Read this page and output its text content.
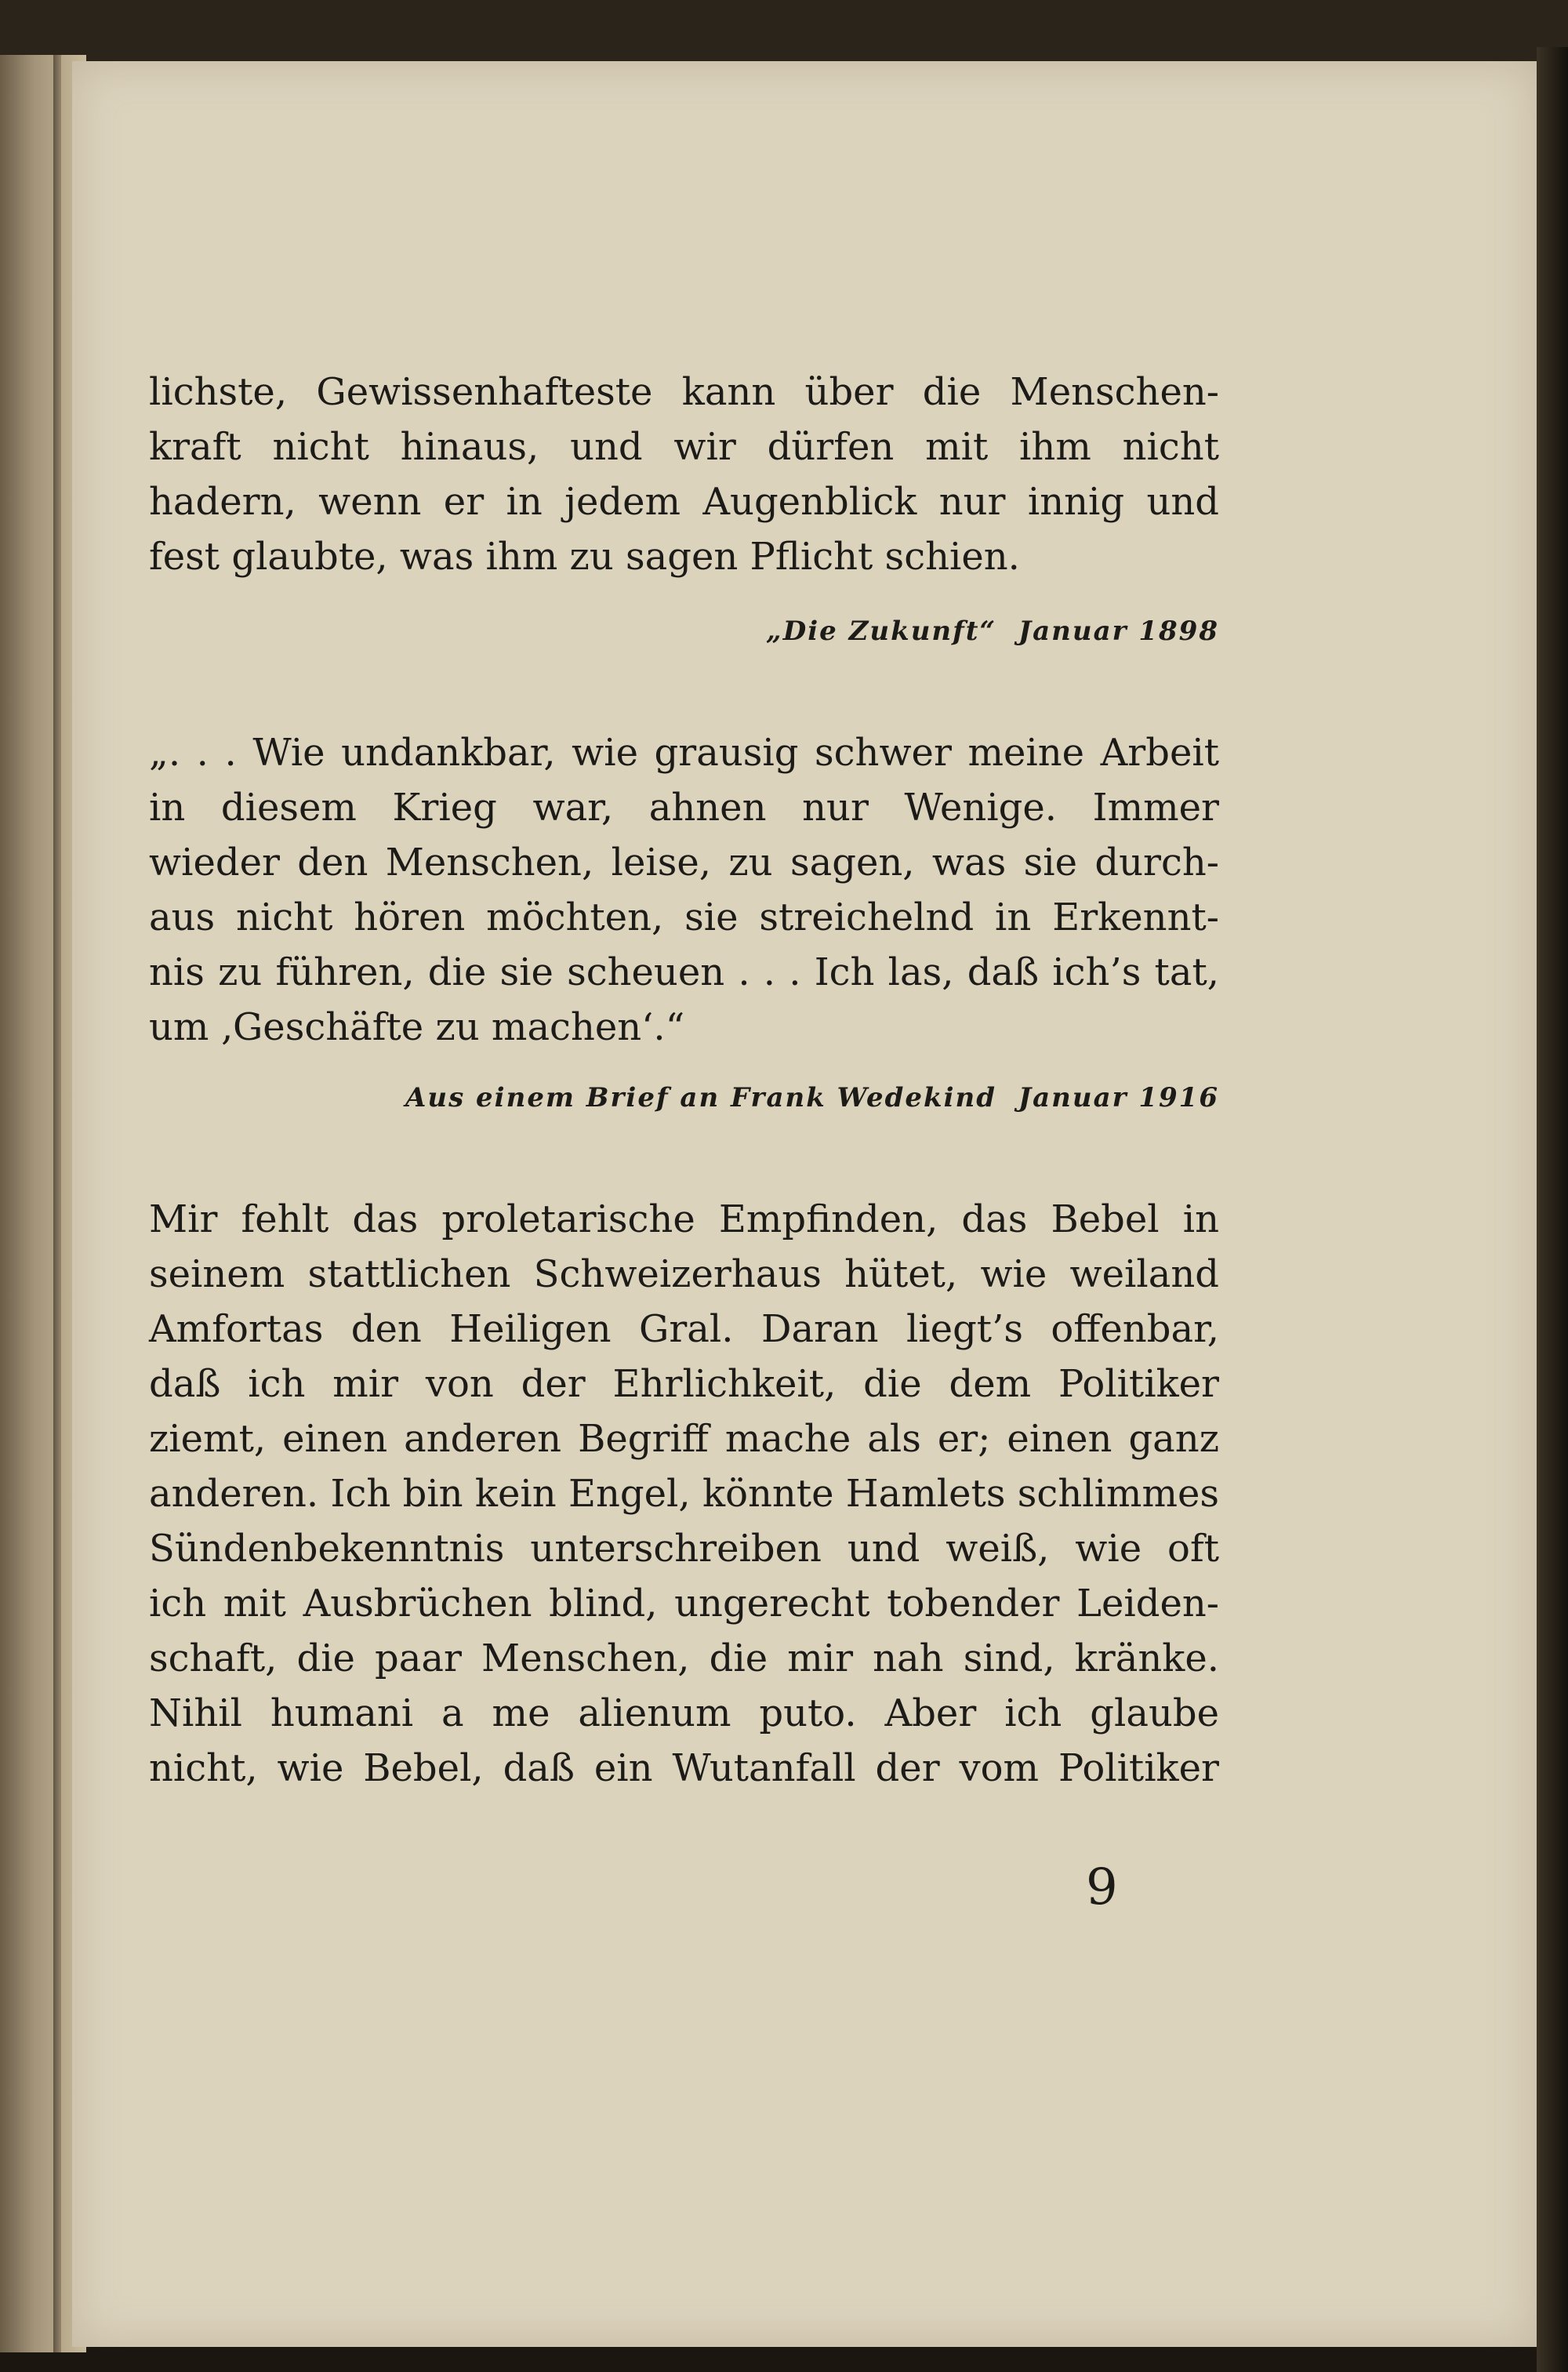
lichste, Gewissenhafteste kann über die Menschen-
kraft nicht hinaus, und wir dürfen mit ihm nicht
hadern, wenn er in jedem Augenblick nur innig und
fest glaubte, was ihm zu sagen Pflicht schien.
„Die Zukunft“ Januar 1898
„. . . Wie undankbar, wie grausig schwer meine Arbeit
in diesem Krieg war, ahnen nur Wenige. Immer
wieder den Menschen, leise, zu sagen, was sie durch-
aus nicht hören möchten, sie streichelnd in Erkennt-
nis zu führen, die sie scheuen . . . Ich las, daß ich’s tat,
um ‚Geschäfte zu machen‘.“
Aus einem Brief an Frank Wedekind Januar 1916
Mir fehlt das proletarische Empfinden, das Bebel in
seinem stattlichen Schweizerhaus hütet, wie weiland
Amfortas den Heiligen Gral. Daran liegt’s offenbar,
daß ich mir von der Ehrlichkeit, die dem Politiker
ziemt, einen anderen Begriff mache als er; einen ganz
anderen. Ich bin kein Engel, könnte Hamlets schlimmes
Sündenbekenntnis unterschreiben und weiß, wie oft
ich mit Ausbrüchen blind, ungerecht tobender Leiden-
schaft, die paar Menschen, die mir nah sind, kränke.
Nihil humani a me alienum puto. Aber ich glaube
nicht, wie Bebel, daß ein Wutanfall der vom Politiker
9
